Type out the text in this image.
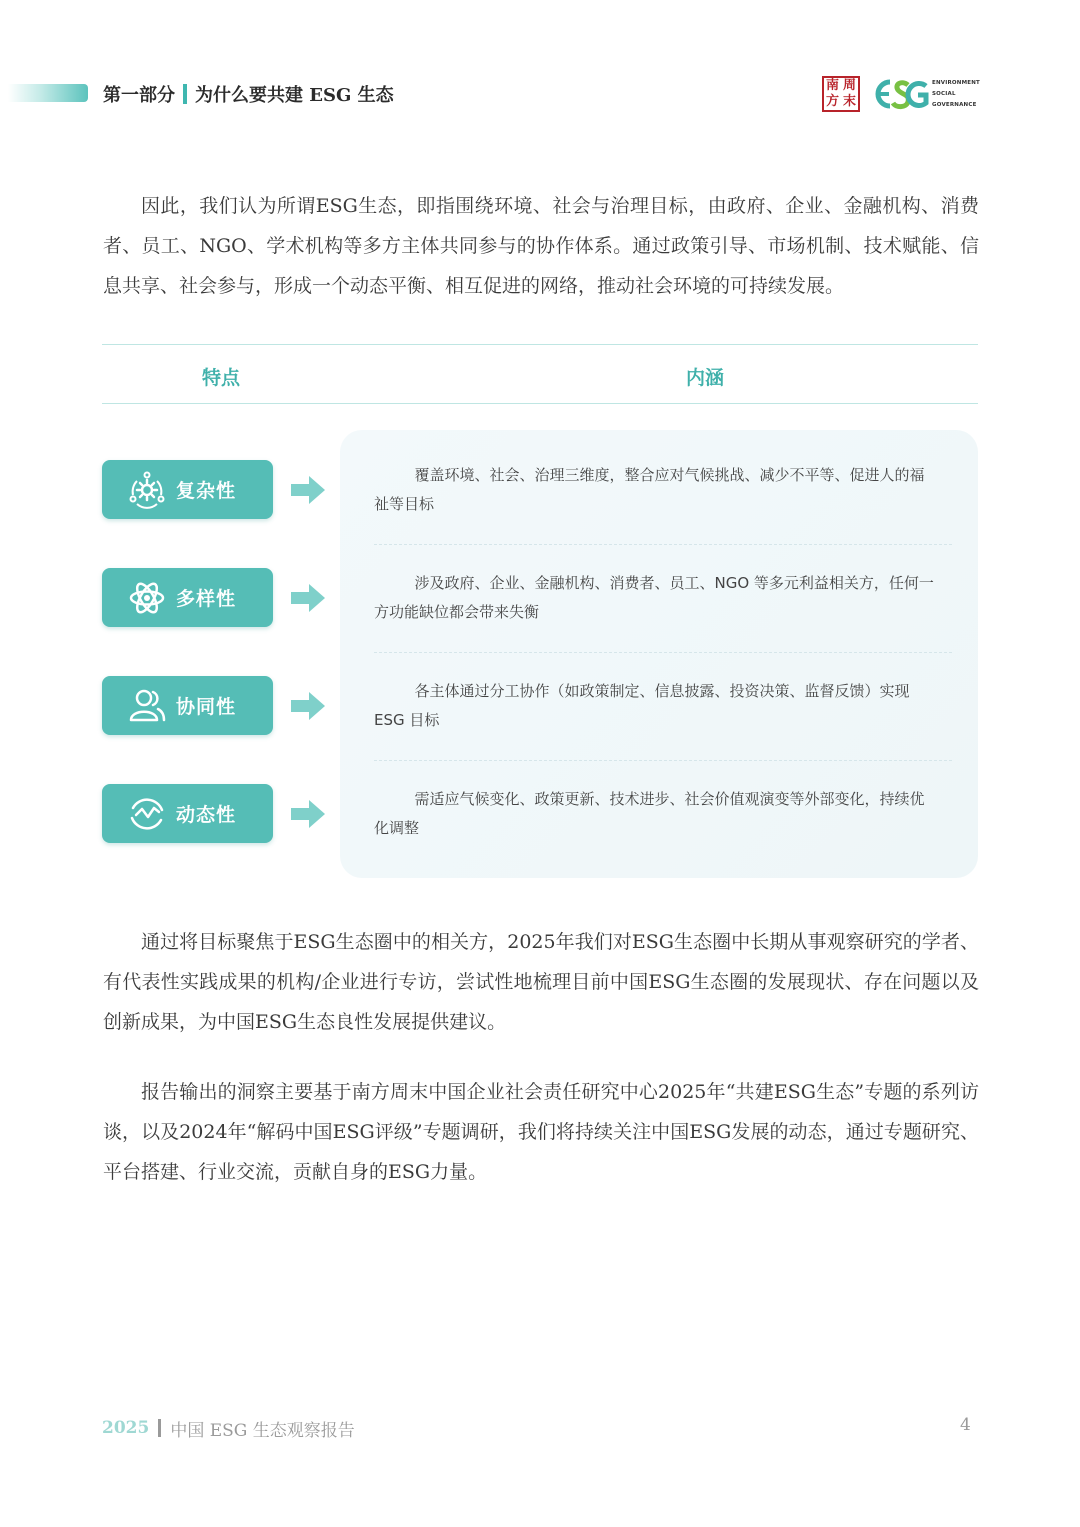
第一部分 为什么要共建 ESG 生态	南 周
方 末
ENVIRONMENT
SOCIAL
GOVERNANCE

因此，我们认为所谓ESG生态，即指围绕环境、社会与治理目标，由政府、企业、金融机构、消费者、员工、NGO、学术机构等多方主体共同参与的协作体系。通过政策引导、市场机制、技术赋能、信息共享、社会参与，形成一个动态平衡、相互促进的网络，推动社会环境的可持续发展。

特点	内涵
复杂性
覆盖环境、社会、治理三维度，整合应对气候挑战、减少不平等、促进人的福祉等目标
多样性
涉及政府、企业、金融机构、消费者、员工、NGO 等多元利益相关方，任何一方功能缺位都会带来失衡
协同性
各主体通过分工协作（如政策制定、信息披露、投资决策、监督反馈）实现 ESG 目标
动态性
需适应气候变化、政策更新、技术进步、社会价值观演变等外部变化，持续优化调整

通过将目标聚焦于ESG生态圈中的相关方，2025年我们对ESG生态圈中长期从事观察研究的学者、有代表性实践成果的机构/企业进行专访，尝试性地梳理目前中国ESG生态圈的发展现状、存在问题以及创新成果，为中国ESG生态良性发展提供建议。

报告输出的洞察主要基于南方周末中国企业社会责任研究中心2025年“共建ESG生态”专题的系列访谈，以及2024年“解码中国ESG评级”专题调研，我们将持续关注中国ESG发展的动态，通过专题研究、平台搭建、行业交流，贡献自身的ESG力量。

2025 中国 ESG 生态观察报告	4
